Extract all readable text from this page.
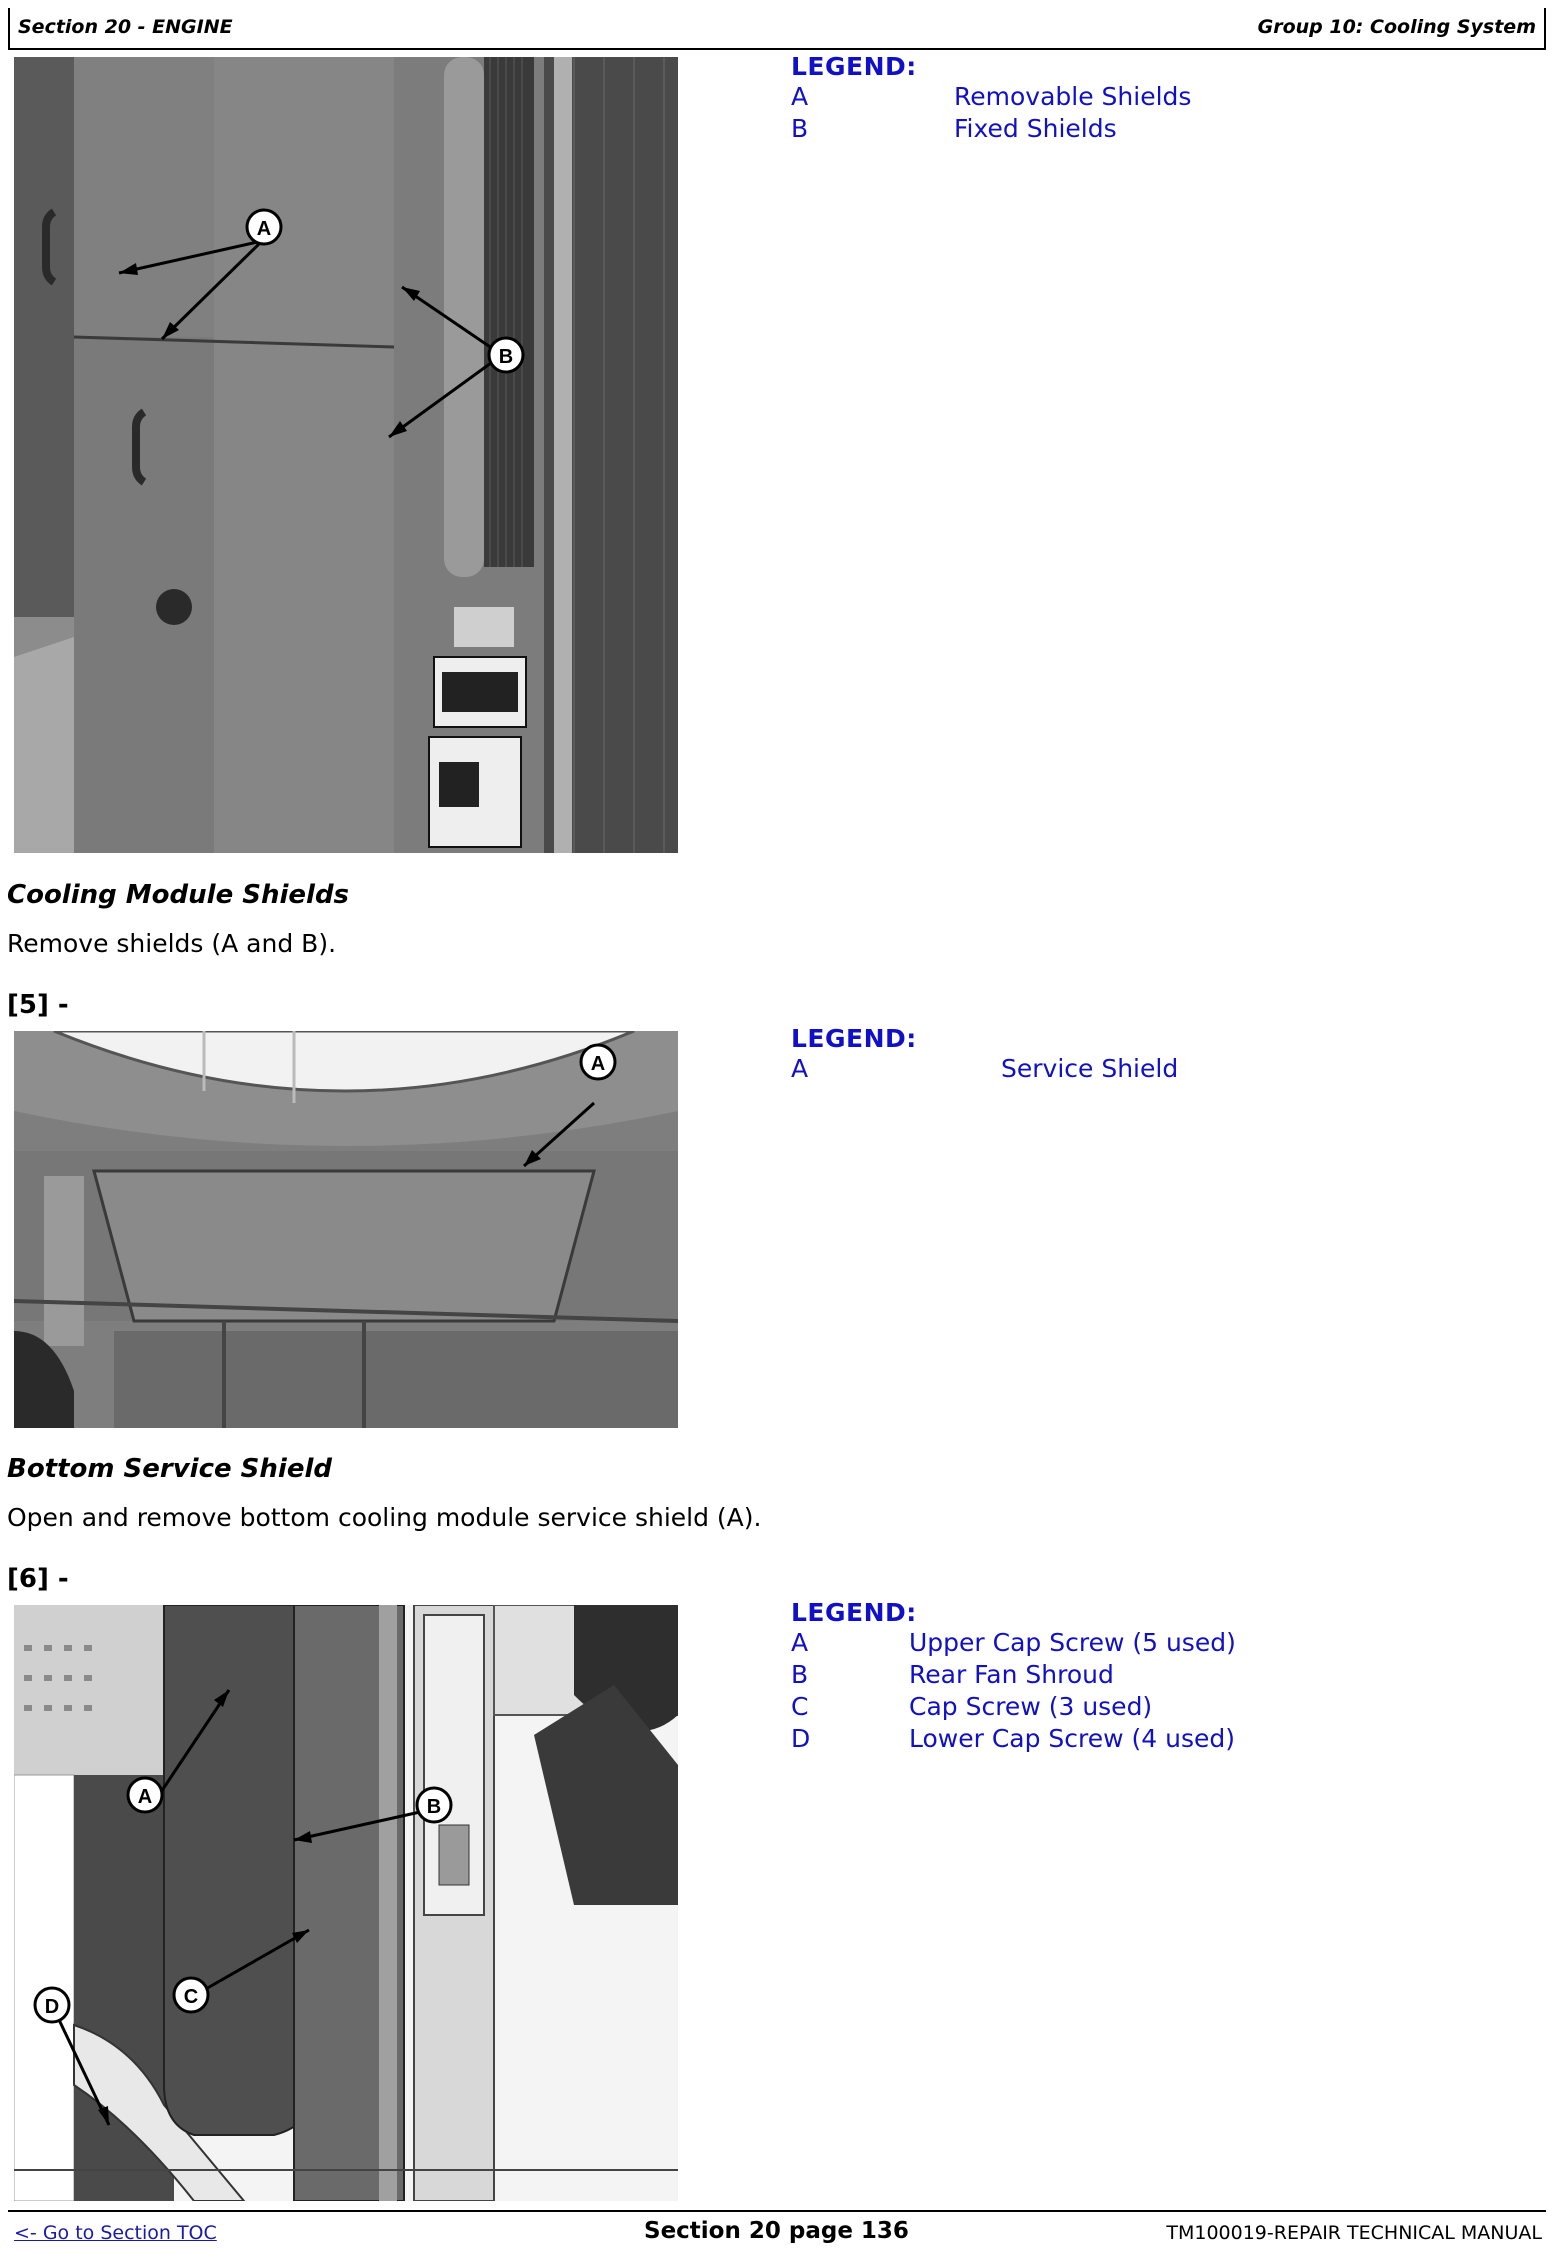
Section 20 - ENGINE	Group 10: Cooling System
A
B
LEGEND:
A	Removable Shields
B	Fixed Shields
Cooling Module Shields
Remove shields (A and B).
[5] -
A
LEGEND:
A	Service Shield
Bottom Service Shield
Open and remove bottom cooling module service shield (A).
[6] -
A	B
C
D
LEGEND:
A	Upper Cap Screw (5 used)
B	Rear Fan Shroud
C	Cap Screw (3 used)
D	Lower Cap Screw (4 used)
<- Go to Section TOC	Section 20 page 136	TM100019-REPAIR TECHNICAL MANUAL
